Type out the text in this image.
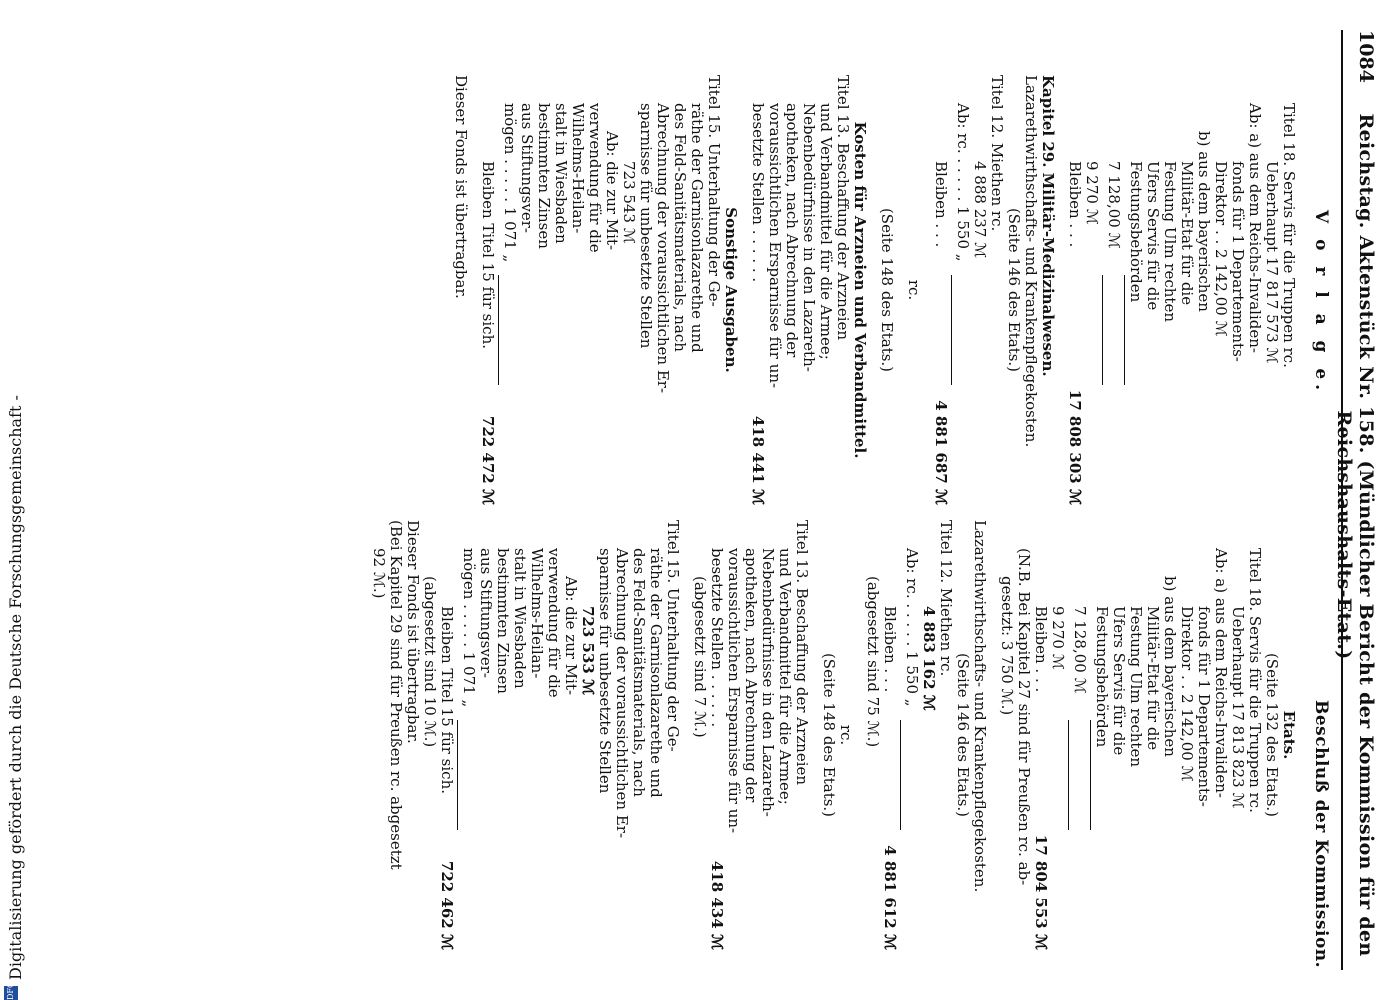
1084
Reichstag. Aktenstück Nr. 158. (Mündlicher Bericht der Kommission für den Reichshaushalts-Etat.)
V o r l a g e.
Beschluß der Kommission.
Titel 18. Servis für die Truppen rc.
Ueberhaupt 17 817 573 ℳ
Ab: a) aus dem Reichs-Invaliden-
fonds für 1 Departements-
Direktor . . 2 142,00 ℳ
b) aus dem bayerischen
Militär-Etat für die
Festung Ulm rechten
Ufers Servis für die
Festungsbehörden
7 128,00 ℳ
9 270 ℳ
Bleiben . . .
17 808 303 ℳ
Kapitel 29. Militär-Medizinalwesen.
Lazarethwirthschafts- und Krankenpflegekosten.
(Seite 146 des Etats.)
Titel 12. Miethen rc.
4 888 237 ℳ
Ab: rc. . . . . . 1 550 „
Bleiben . . .
4 881 687 ℳ
rc.
(Seite 148 des Etats.)
Kosten für Arzneien und Verbandmittel.
Titel 13. Beschaffung der Arzneien
und Verbandmittel für die Armee;
Nebenbedürfnisse in den Lazareth-
apotheken, nach Abrechnung der
voraussichtlichen Ersparnisse für un-
besetzte Stellen . . . . . .
418 441 ℳ
Sonstige Ausgaben.
Titel 15. Unterhaltung der Ge-
räthe der Garnisonlazarethe und
des Feld-Sanitätsmaterials, nach
Abrechnung der voraussichtlichen Er-
sparnisse für unbesetzte Stellen
723 543 ℳ
Ab: die zur Mit-
verwendung für die
Wilhelms-Heilan-
stalt in Wiesbaden
bestimmten Zinsen
aus Stiftungsver-
mögen . . . . . 1 071 „
Bleiben Titel 15 für sich.
722 472 ℳ
Dieser Fonds ist übertragbar.
Etats.
(Seite 132 des Etats.)
Titel 18. Servis für die Truppen rc.
Ueberhaupt 17 813 823 ℳ
Ab: a) aus dem Reichs-Invaliden-
fonds für 1 Departements-
Direktor . . 2 142,00 ℳ
b) aus dem bayerischen
Militär-Etat für die
Festung Ulm rechten
Ufers Servis für die
Festungsbehörden
7 128,00 ℳ
9 270 ℳ
Bleiben . . .
17 804 553 ℳ
(N.B. Bei Kapitel 27 sind für Preußen rc. ab-
gesetzt: 3 750 ℳ.)
Lazarethwirthschafts- und Krankenpflegekosten.
(Seite 146 des Etats.)
Titel 12. Miethen rc.
4 883 162 ℳ
Ab: rc. . . . . . 1 550 „
Bleiben . . .
4 881 612 ℳ
(abgesetzt sind 75 ℳ.)
rc.
(Seite 148 des Etats.)
Titel 13. Beschaffung der Arzneien
und Verbandmittel für die Armee;
Nebenbedürfnisse in den Lazareth-
apotheken, nach Abrechnung der
voraussichtlichen Ersparnisse für un-
besetzte Stellen . . . . . .
418 434 ℳ
(abgesetzt sind 7 ℳ.)
Titel 15. Unterhaltung der Ge-
räthe der Garnisonlazarethe und
des Feld-Sanitätsmaterials, nach
Abrechnung der voraussichtlichen Er-
sparnisse für unbesetzte Stellen
723 533 ℳ
Ab: die zur Mit-
verwendung für die
Wilhelms-Heilan-
stalt in Wiesbaden
bestimmten Zinsen
aus Stiftungsver-
mögen . . . . . 1 071 „
Bleiben Titel 15 für sich.
722 462 ℳ
(abgesetzt sind 10 ℳ.)
Dieser Fonds ist übertragbar.
(Bei Kapitel 29 sind für Preußen rc. abgesetzt
92 ℳ.)
DFG
Digitalisierung gefördert durch die Deutsche Forschungsgemeinschaft -
